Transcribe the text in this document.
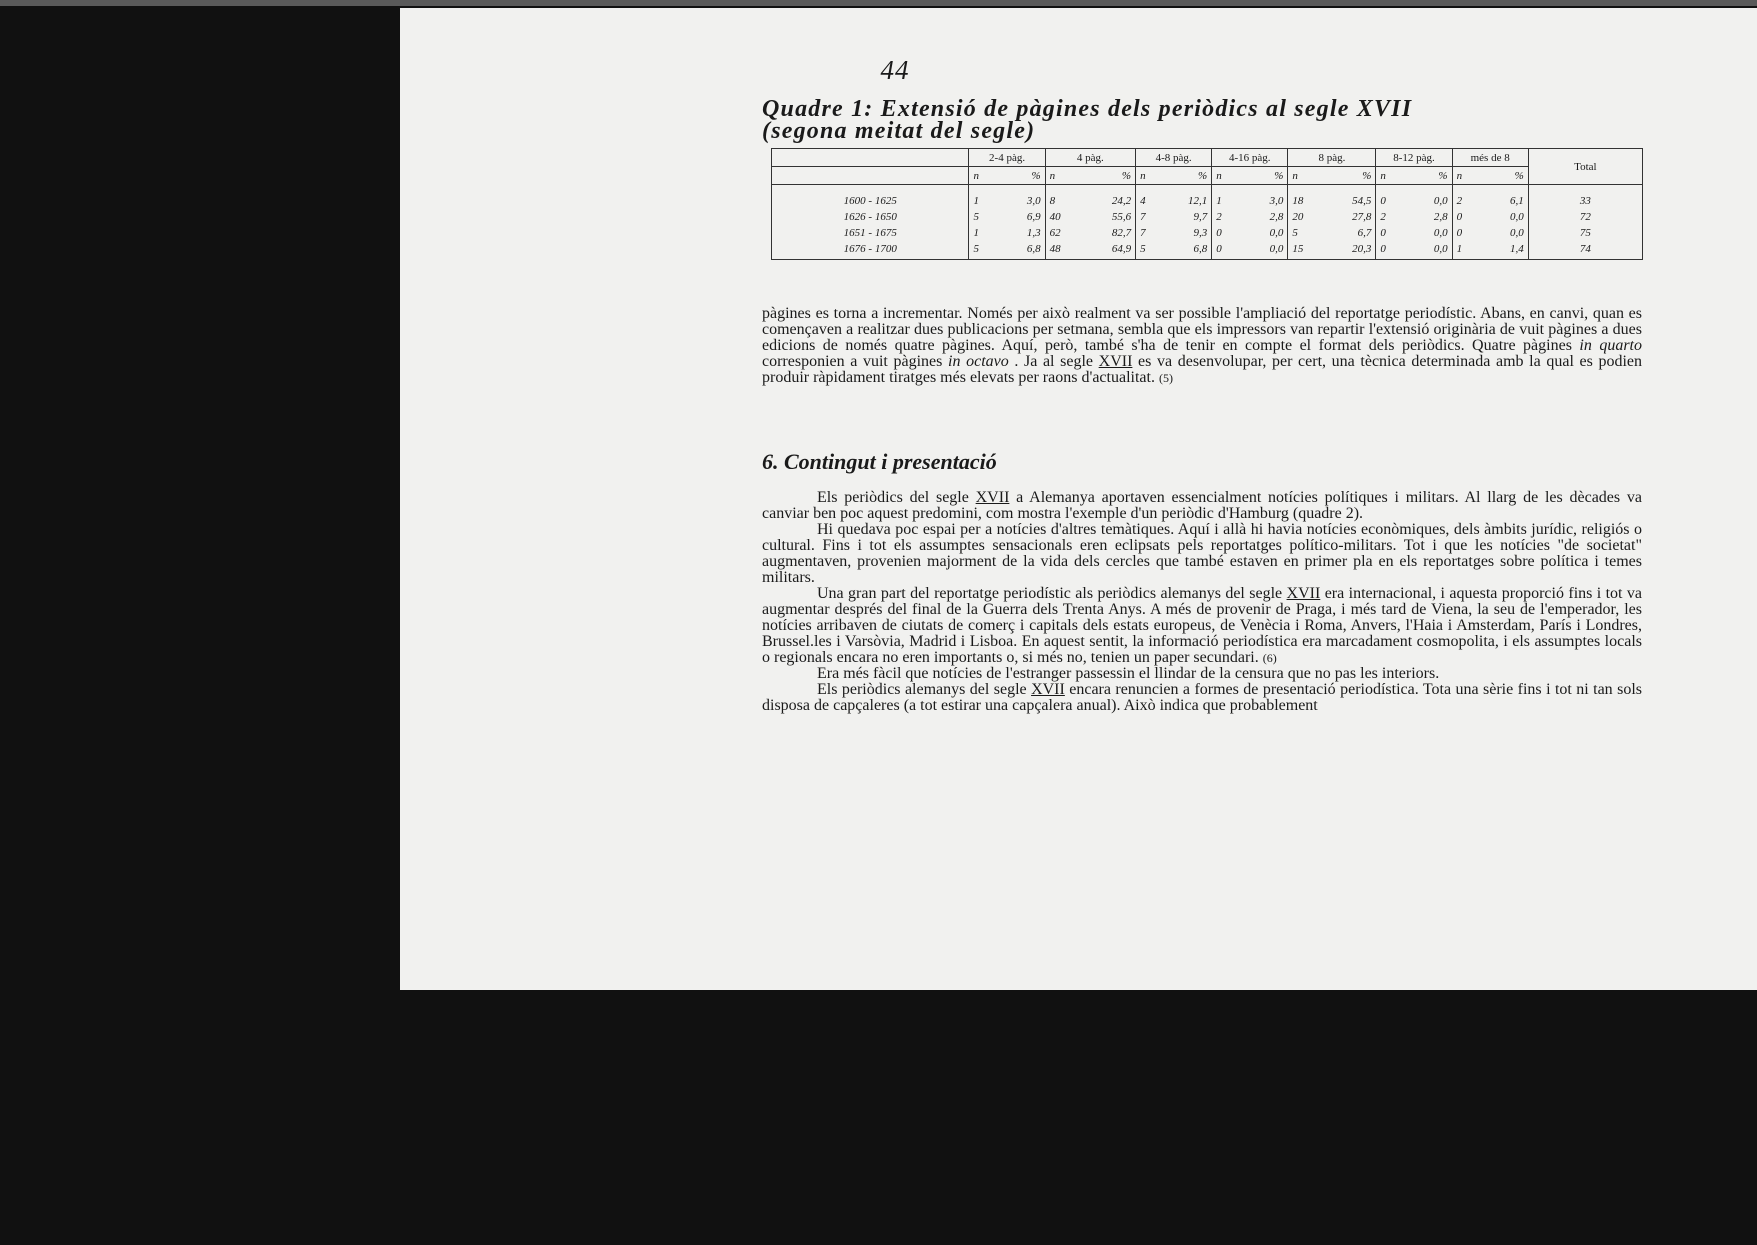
44
Quadre 1: Extensió de pàgines dels periòdics al segle XVII (segona meitat del segle)
	2-4 pàg.		4 pàg.		4-8 pàg.		4-16 pàg.		8 pàg.		8-12 pàg.		més de 8		Total
	n	%	n	%	n	%	n	%	n	%	n	%	n	%	
1600 - 1625	1	3,0	8	24,2	4	12,1	1	3,0	18	54,5	0	0,0	2	6,1	33
1626 - 1650	5	6,9	40	55,6	7	9,7	2	2,8	20	27,8	2	2,8	0	0,0	72
1651 - 1675	1	1,3	62	82,7	7	9,3	0	0,0	5	6,7	0	0,0	0	0,0	75
1676 - 1700	5	6,8	48	64,9	5	6,8	0	0,0	15	20,3	0	0,0	1	1,4	74

pàgines es torna a incrementar. Només per això realment va ser possible l'ampliació del reportatge periodístic. Abans, en canvi, quan es començaven a realitzar dues publicacions per setmana, sembla que els impressors van repartir l'extensió originària de vuit pàgines a dues edicions de només quatre pàgines. Aquí, però, també s'ha de tenir en compte el format dels periòdics. Quatre pàgines in quarto corresponien a vuit pàgines in octavo . Ja al segle XVII es va desenvolupar, per cert, una tècnica determinada amb la qual es podien produir ràpidament tiratges més elevats per raons d'actualitat. (5)

6. Contingut i presentació

Els periòdics del segle XVII a Alemanya aportaven essencialment notícies polítiques i militars. Al llarg de les dècades va canviar ben poc aquest predomini, com mostra l'exemple d'un periòdic d'Hamburg (quadre 2).

Hi quedava poc espai per a notícies d'altres temàtiques. Aquí i allà hi havia notícies econòmiques, dels àmbits jurídic, religiós o cultural. Fins i tot els assumptes sensacionals eren eclipsats pels reportatges político-militars. Tot i que les notícies "de societat" augmentaven, provenien majorment de la vida dels cercles que també estaven en primer pla en els reportatges sobre política i temes militars.

Una gran part del reportatge periodístic als periòdics alemanys del segle XVII era internacional, i aquesta proporció fins i tot va augmentar després del final de la Guerra dels Trenta Anys. A més de provenir de Praga, i més tard de Viena, la seu de l'emperador, les notícies arribaven de ciutats de comerç i capitals dels estats europeus, de Venècia i Roma, Anvers, l'Haia i Amsterdam, París i Londres, Brussel.les i Varsòvia, Madrid i Lisboa. En aquest sentit, la informació periodística era marcadament cosmopolita, i els assumptes locals o regionals encara no eren importants o, si més no, tenien un paper secundari. (6)

Era més fàcil que notícies de l'estranger passessin el llindar de la censura que no pas les interiors.

Els periòdics alemanys del segle XVII encara renuncien a formes de presentació periodística. Tota una sèrie fins i tot ni tan sols disposa de capçaleres (a tot estirar una capçalera anual). Això indica que probablement
